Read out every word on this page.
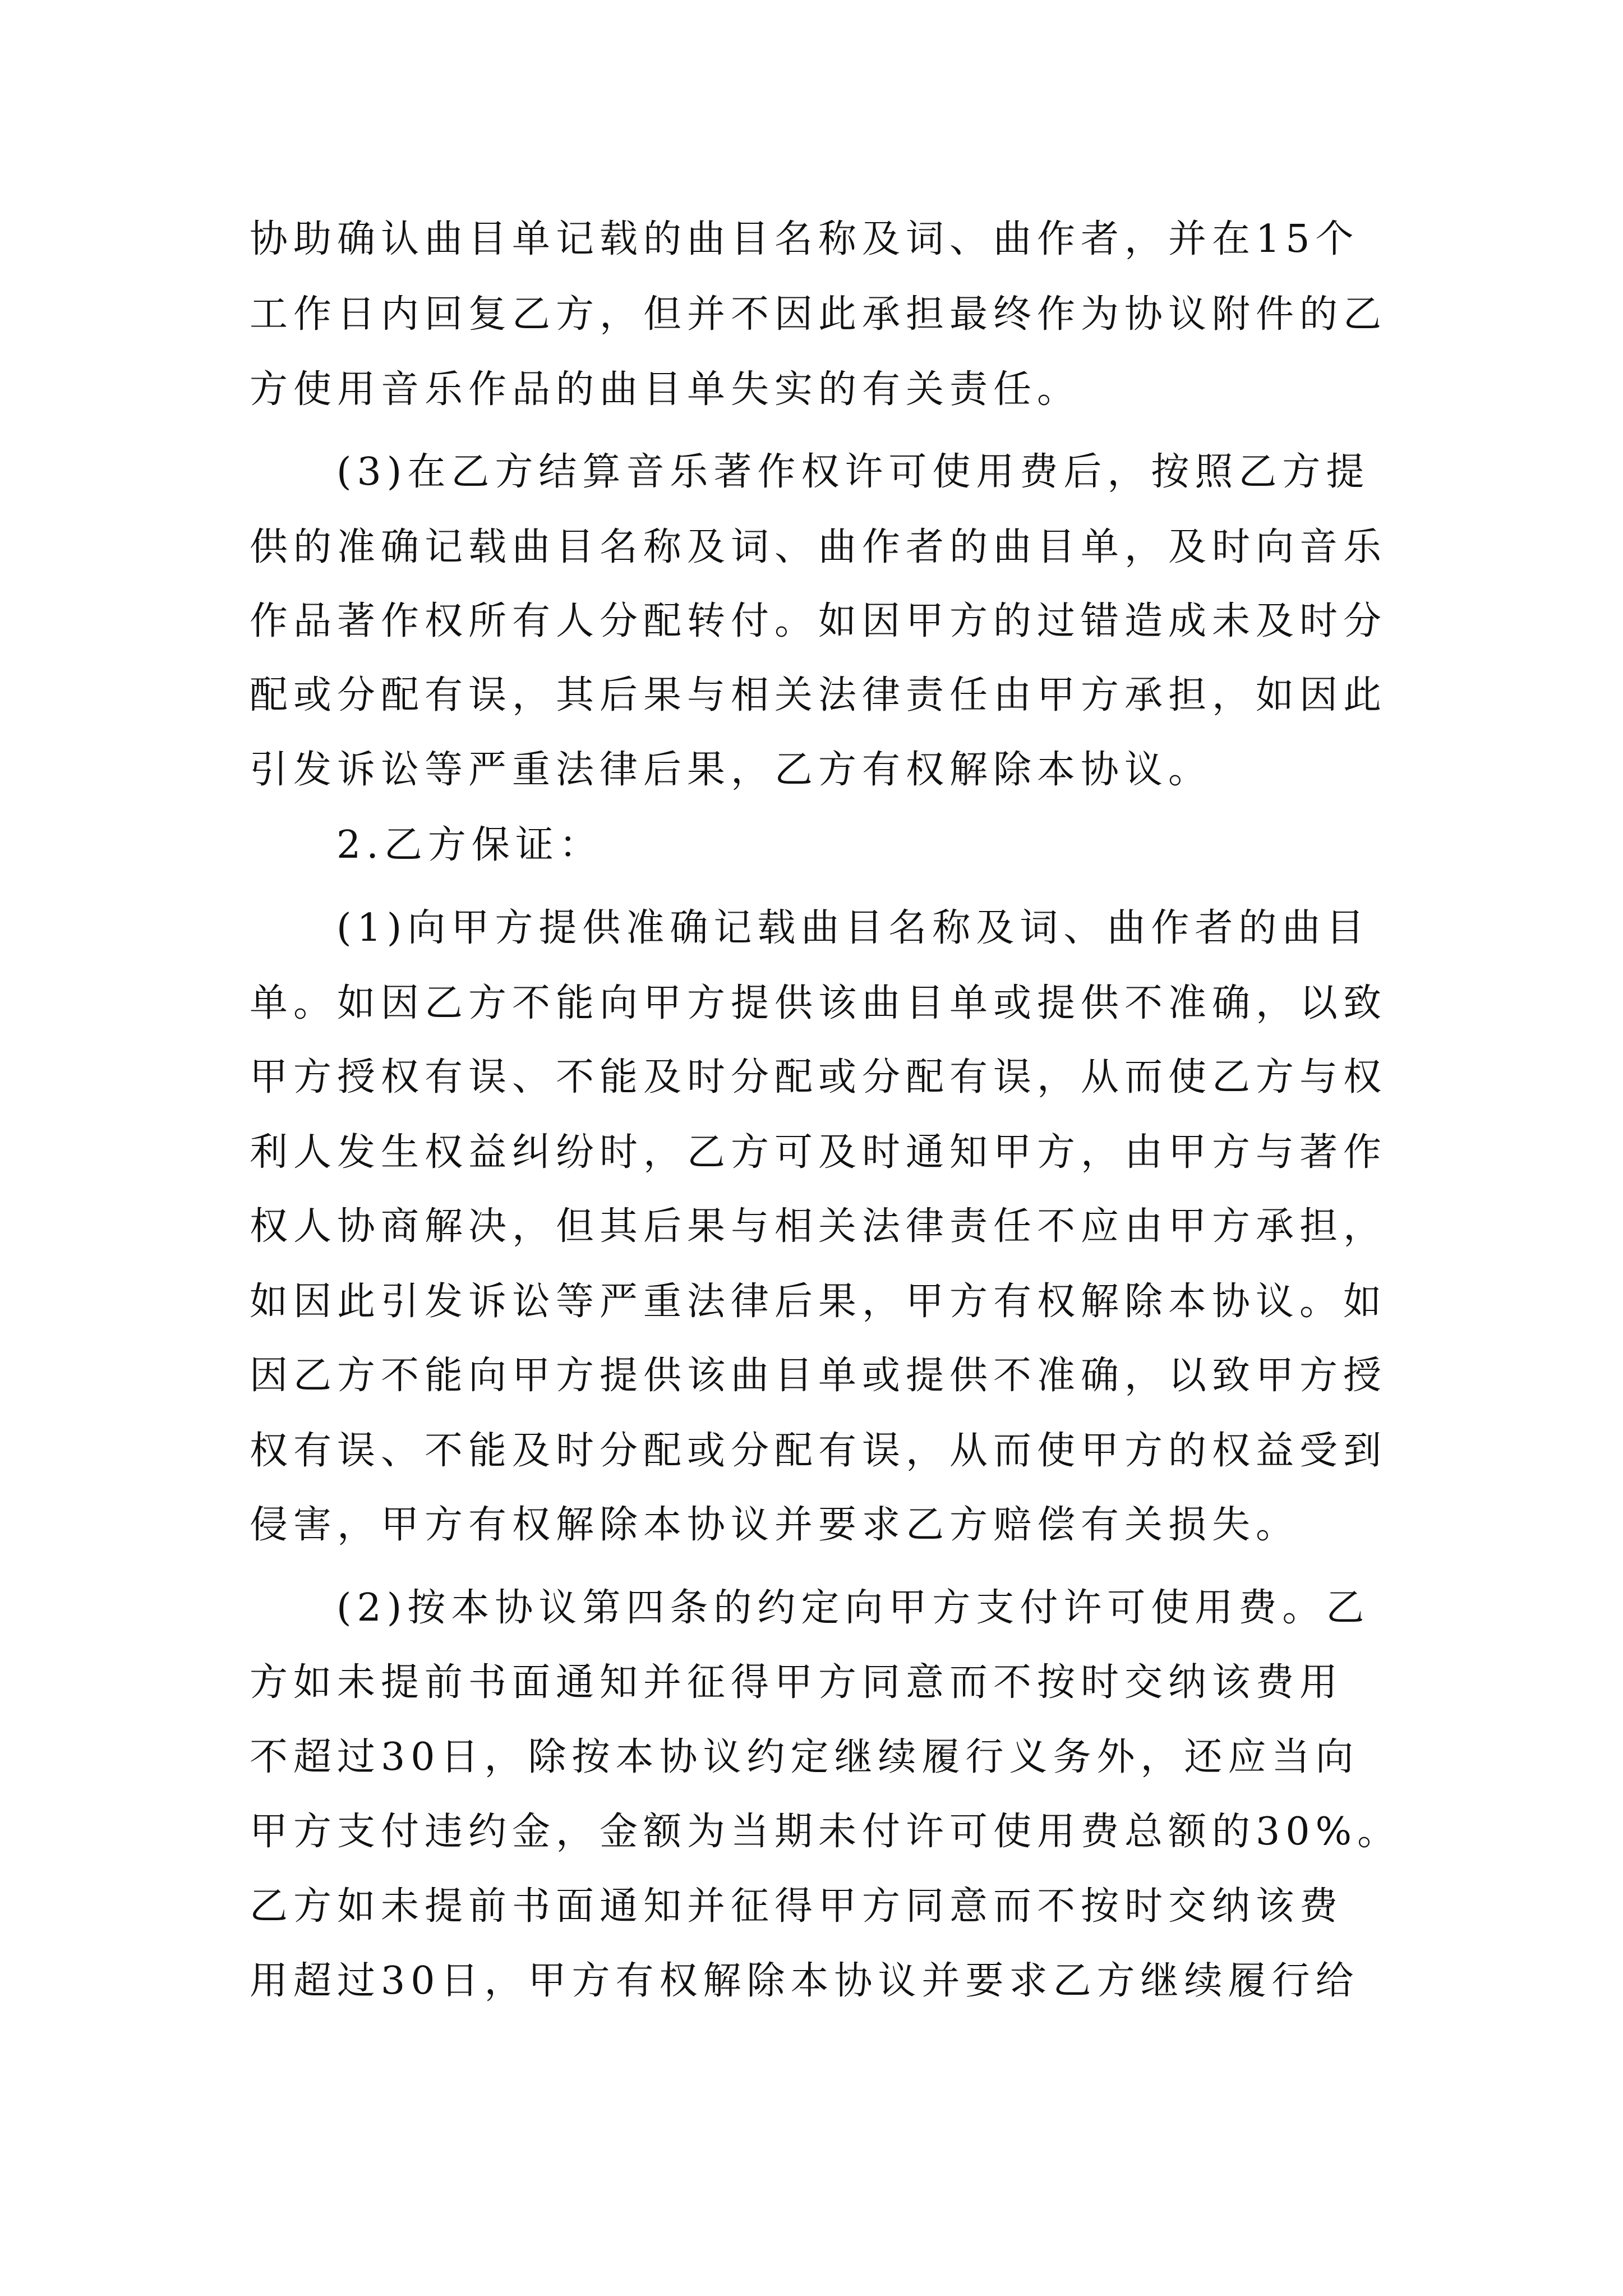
协助确认曲目单记载的曲目名称及词、曲作者，并在15个
工作日内回复乙方，但并不因此承担最终作为协议附件的乙
方使用音乐作品的曲目单失实的有关责任。
(3)在乙方结算音乐著作权许可使用费后，按照乙方提
供的准确记载曲目名称及词、曲作者的曲目单，及时向音乐
作品著作权所有人分配转付。如因甲方的过错造成未及时分
配或分配有误，其后果与相关法律责任由甲方承担，如因此
引发诉讼等严重法律后果，乙方有权解除本协议。
2.乙方保证：
(1)向甲方提供准确记载曲目名称及词、曲作者的曲目
单。如因乙方不能向甲方提供该曲目单或提供不准确，以致
甲方授权有误、不能及时分配或分配有误，从而使乙方与权
利人发生权益纠纷时，乙方可及时通知甲方，由甲方与著作
权人协商解决，但其后果与相关法律责任不应由甲方承担，
如因此引发诉讼等严重法律后果，甲方有权解除本协议。如
因乙方不能向甲方提供该曲目单或提供不准确，以致甲方授
权有误、不能及时分配或分配有误，从而使甲方的权益受到
侵害，甲方有权解除本协议并要求乙方赔偿有关损失。
(2)按本协议第四条的约定向甲方支付许可使用费。乙
方如未提前书面通知并征得甲方同意而不按时交纳该费用
不超过30日，除按本协议约定继续履行义务外，还应当向
甲方支付违约金，金额为当期未付许可使用费总额的30%。
乙方如未提前书面通知并征得甲方同意而不按时交纳该费
用超过30日，甲方有权解除本协议并要求乙方继续履行给
